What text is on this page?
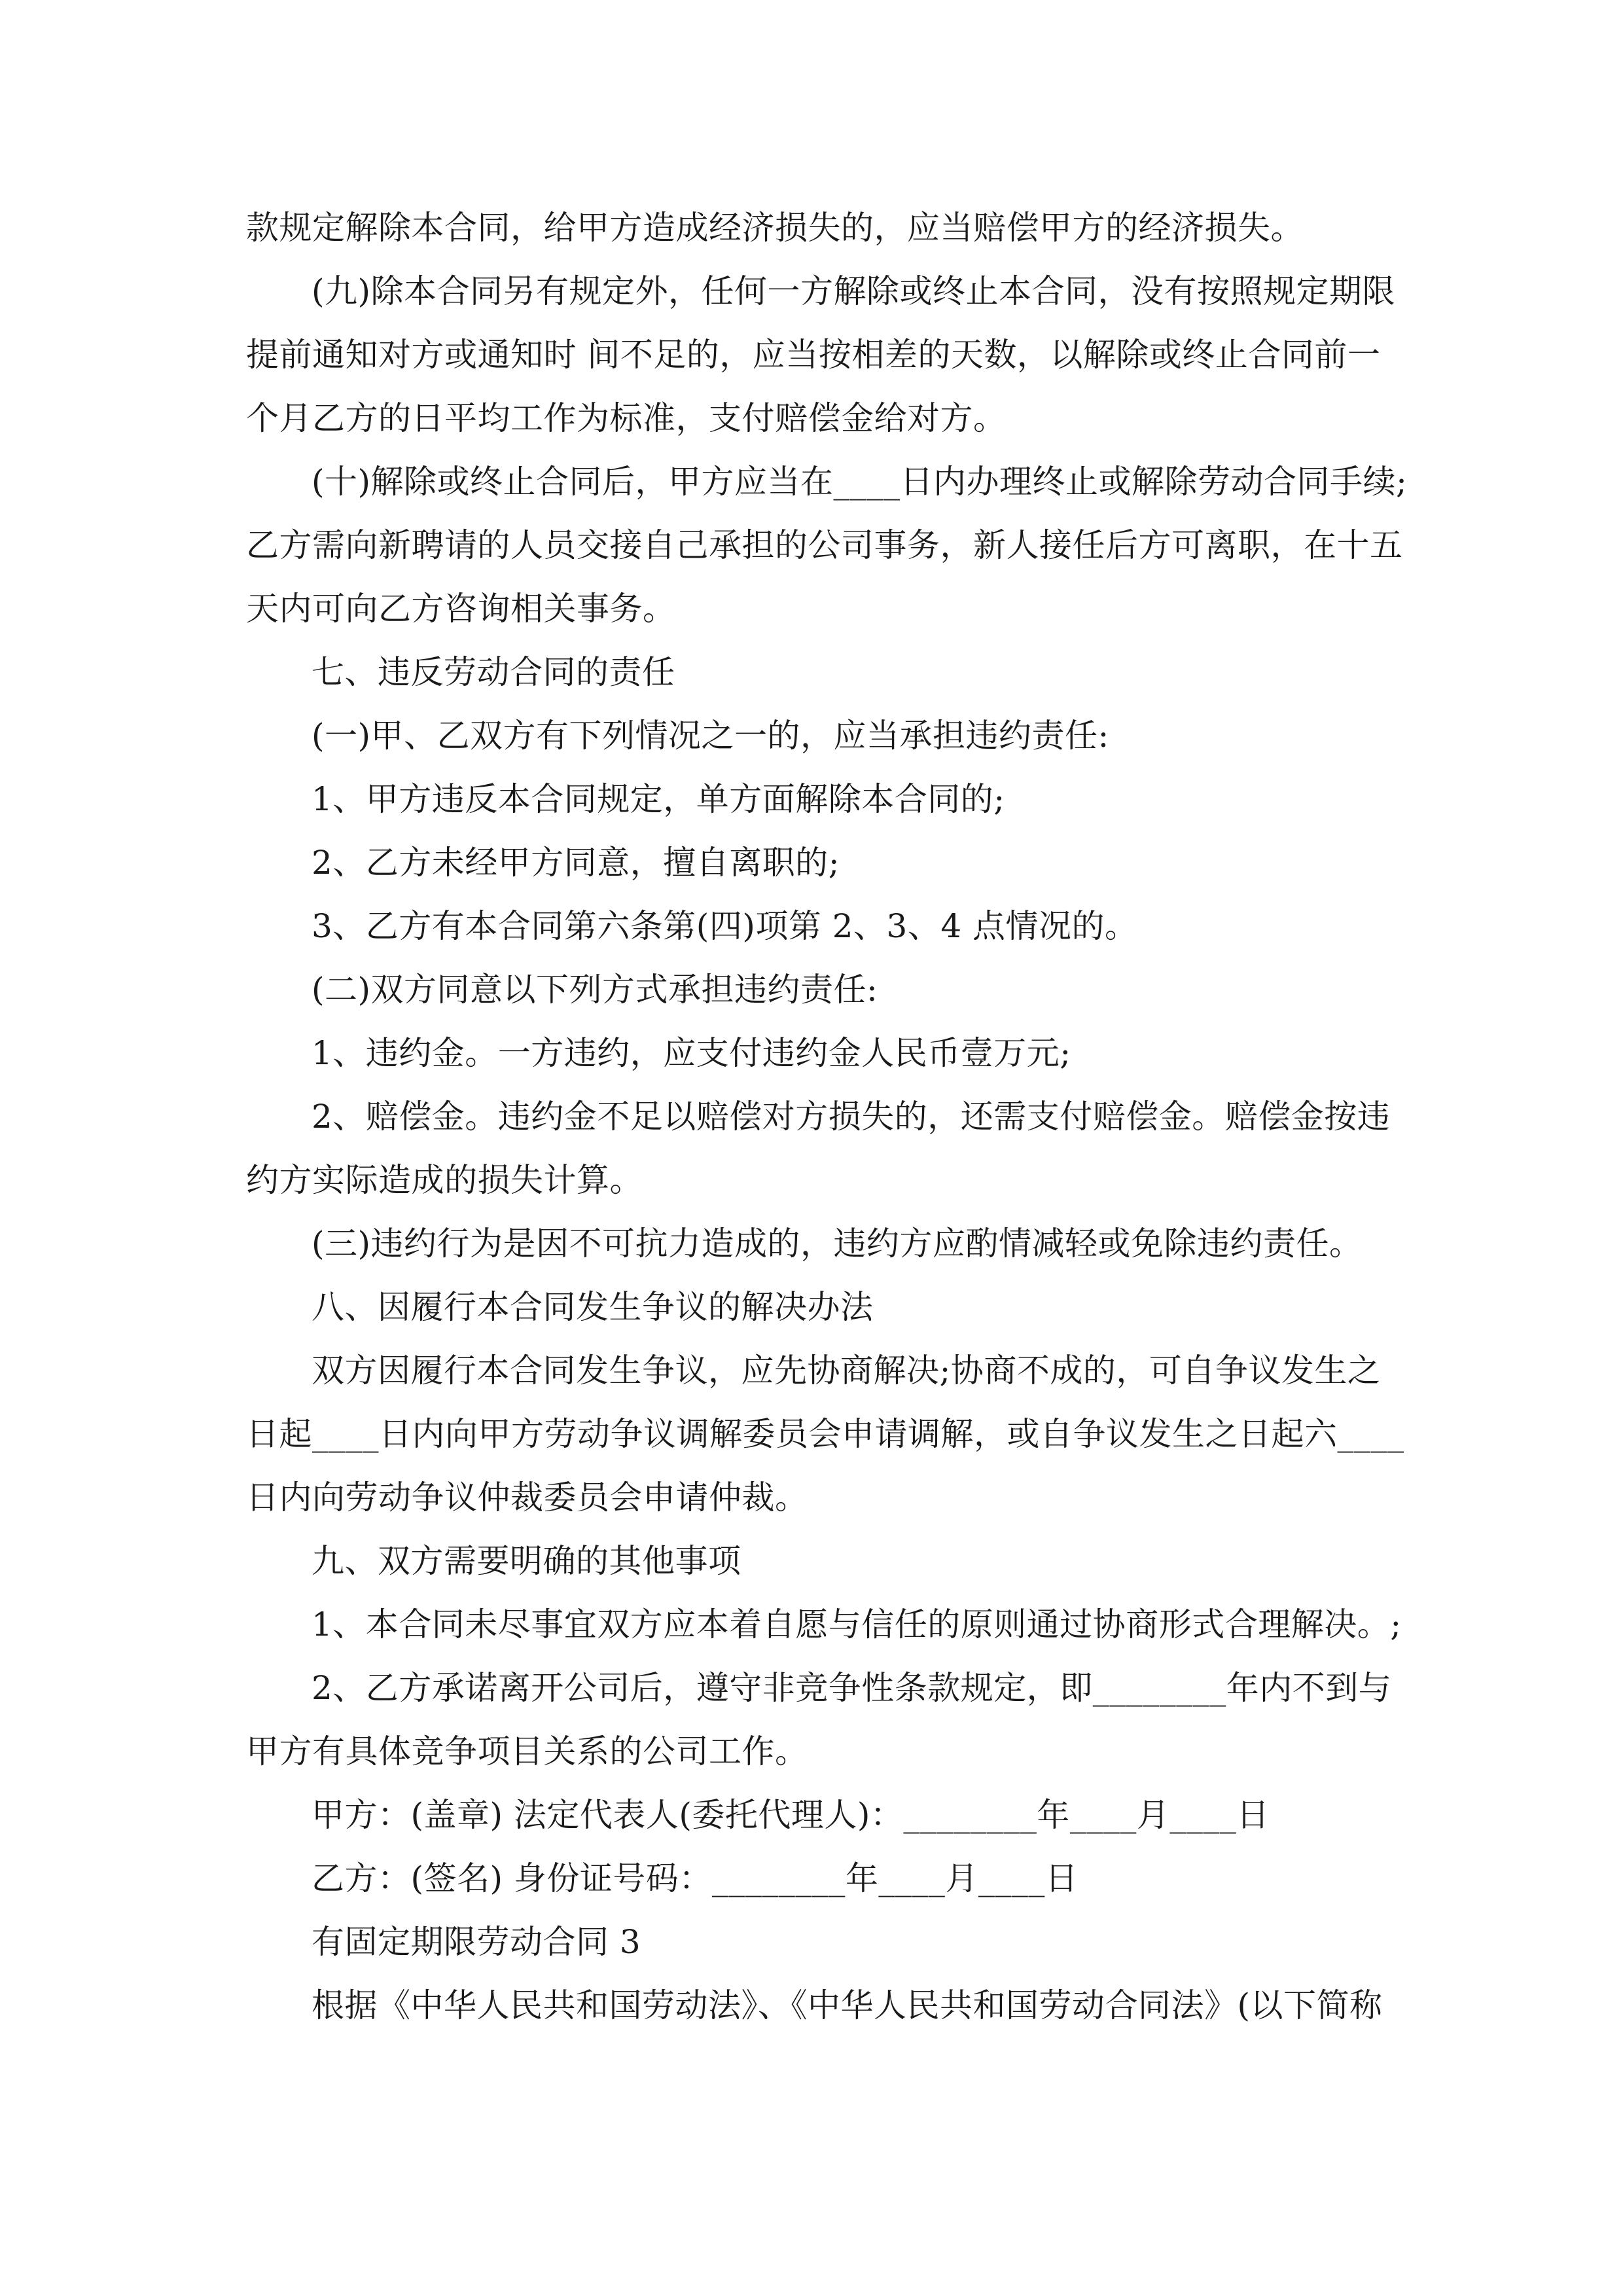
款规定解除本合同，给甲方造成经济损失的，应当赔偿甲方的经济损失。
(九)除本合同另有规定外，任何一方解除或终止本合同，没有按照规定期限
提前通知对方或通知时 间不足的，应当按相差的天数，以解除或终止合同前一
个月乙方的日平均工作为标准，支付赔偿金给对方。
(十)解除或终止合同后，甲方应当在____日内办理终止或解除劳动合同手续;
乙方需向新聘请的人员交接自己承担的公司事务，新人接任后方可离职，在十五
天内可向乙方咨询相关事务。
七、违反劳动合同的责任
(一)甲、乙双方有下列情况之一的，应当承担违约责任:
1、甲方违反本合同规定，单方面解除本合同的;
2、乙方未经甲方同意，擅自离职的;
3、乙方有本合同第六条第(四)项第 2、3、4 点情况的。
(二)双方同意以下列方式承担违约责任:
1、违约金。一方违约，应支付违约金人民币壹万元;
2、赔偿金。违约金不足以赔偿对方损失的，还需支付赔偿金。赔偿金按违
约方实际造成的损失计算。
(三)违约行为是因不可抗力造成的，违约方应酌情减轻或免除违约责任。
八、因履行本合同发生争议的解决办法
双方因履行本合同发生争议，应先协商解决;协商不成的，可自争议发生之
日起____日内向甲方劳动争议调解委员会申请调解，或自争议发生之日起六____
日内向劳动争议仲裁委员会申请仲裁。
九、双方需要明确的其他事项
1、本合同未尽事宜双方应本着自愿与信任的原则通过协商形式合理解决。;
2、乙方承诺离开公司后，遵守非竞争性条款规定，即________年内不到与
甲方有具体竞争项目关系的公司工作。
甲方：(盖章) 法定代表人(委托代理人)：________年____月____日
乙方：(签名) 身份证号码：________年____月____日
有固定期限劳动合同 3
根据《中华人民共和国劳动法》、《中华人民共和国劳动合同法》(以下简称
